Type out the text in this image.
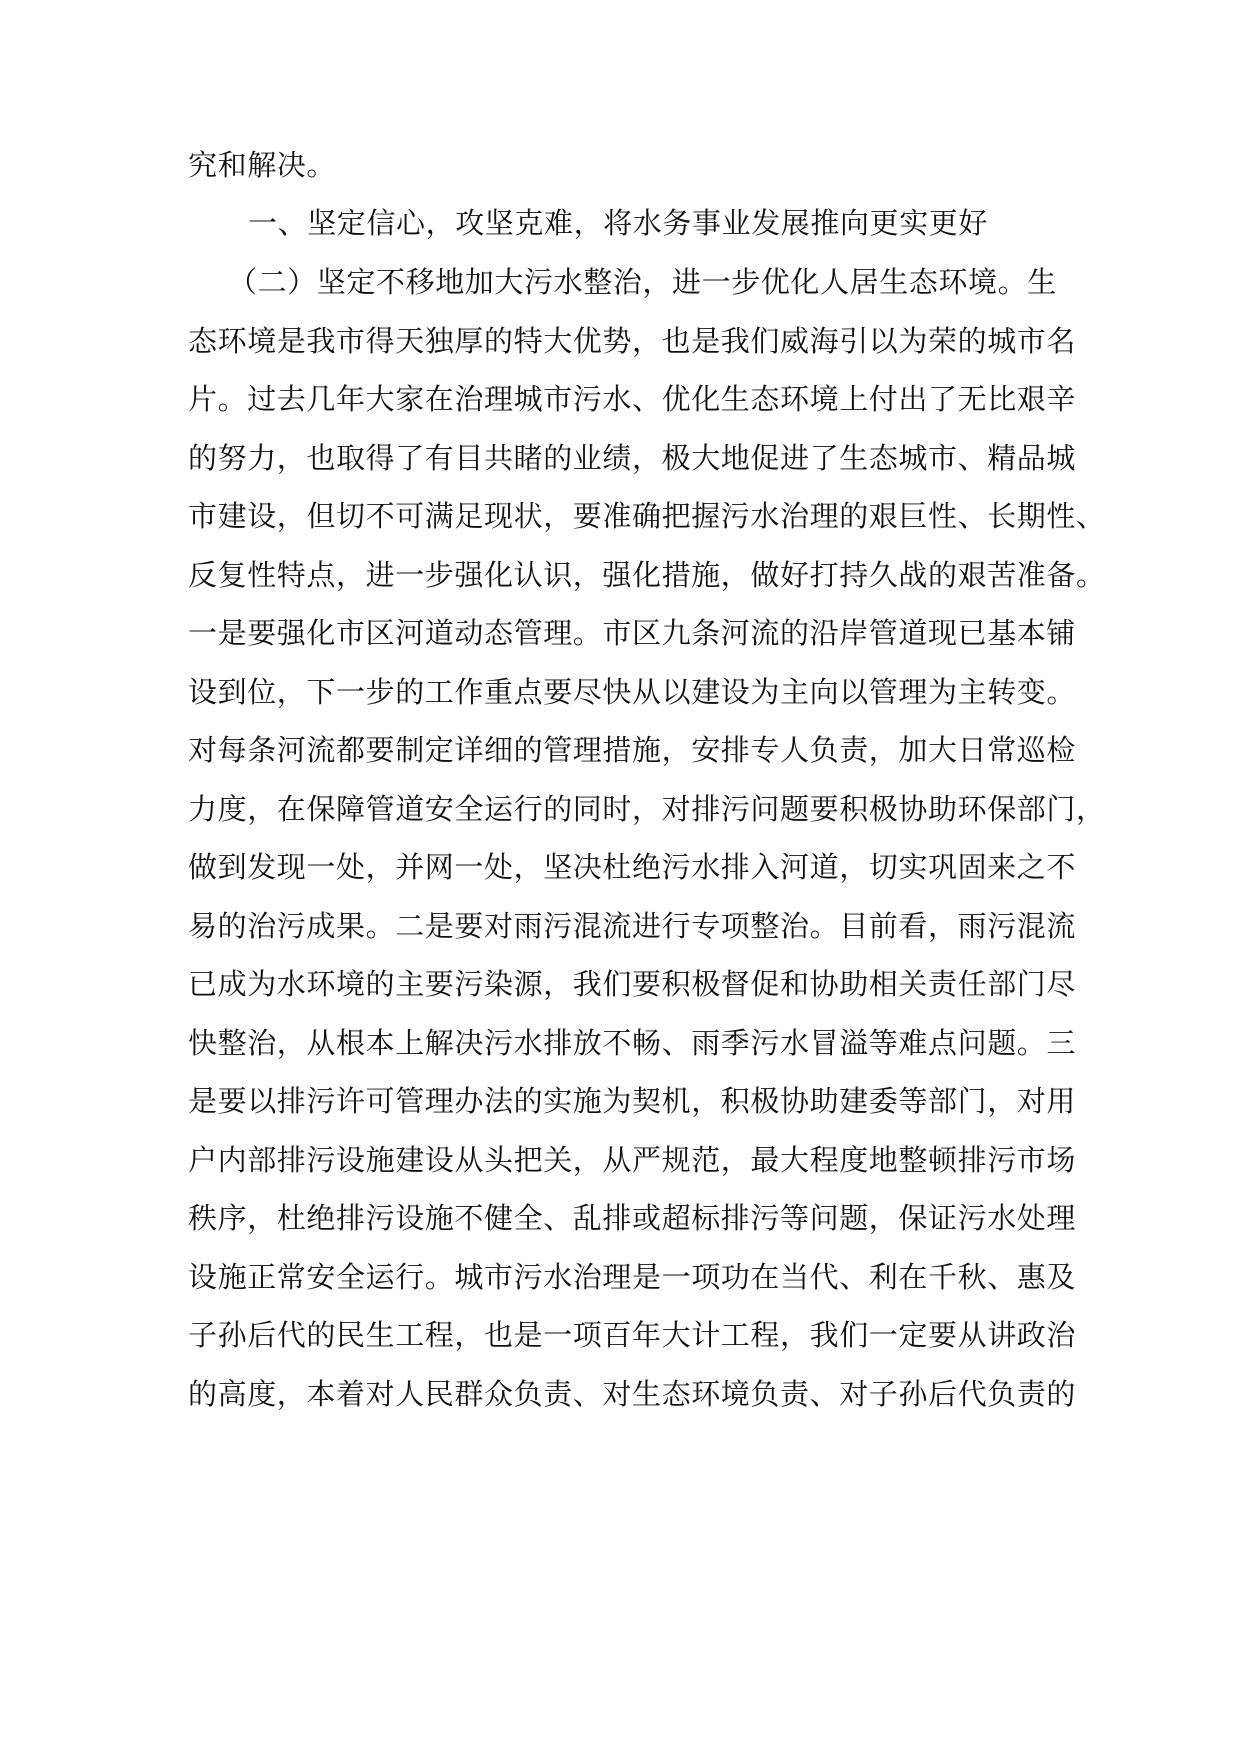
究和解决。
一、坚定信心，攻坚克难，将水务事业发展推向更实更好
（二）坚定不移地加大污水整治，进一步优化人居生态环境。生
态环境是我市得天独厚的特大优势，也是我们威海引以为荣的城市名
片。过去几年大家在治理城市污水、优化生态环境上付出了无比艰辛
的努力，也取得了有目共睹的业绩，极大地促进了生态城市、精品城
市建设，但切不可满足现状，要准确把握污水治理的艰巨性、长期性、
反复性特点，进一步强化认识，强化措施，做好打持久战的艰苦准备。
一是要强化市区河道动态管理。市区九条河流的沿岸管道现已基本铺
设到位，下一步的工作重点要尽快从以建设为主向以管理为主转变。
对每条河流都要制定详细的管理措施，安排专人负责，加大日常巡检
力度，在保障管道安全运行的同时，对排污问题要积极协助环保部门，
做到发现一处，并网一处，坚决杜绝污水排入河道，切实巩固来之不
易的治污成果。二是要对雨污混流进行专项整治。目前看，雨污混流
已成为水环境的主要污染源，我们要积极督促和协助相关责任部门尽
快整治，从根本上解决污水排放不畅、雨季污水冒溢等难点问题。三
是要以排污许可管理办法的实施为契机，积极协助建委等部门，对用
户内部排污设施建设从头把关，从严规范，最大程度地整顿排污市场
秩序，杜绝排污设施不健全、乱排或超标排污等问题，保证污水处理
设施正常安全运行。城市污水治理是一项功在当代、利在千秋、惠及
子孙后代的民生工程，也是一项百年大计工程，我们一定要从讲政治
的高度，本着对人民群众负责、对生态环境负责、对子孙后代负责的
